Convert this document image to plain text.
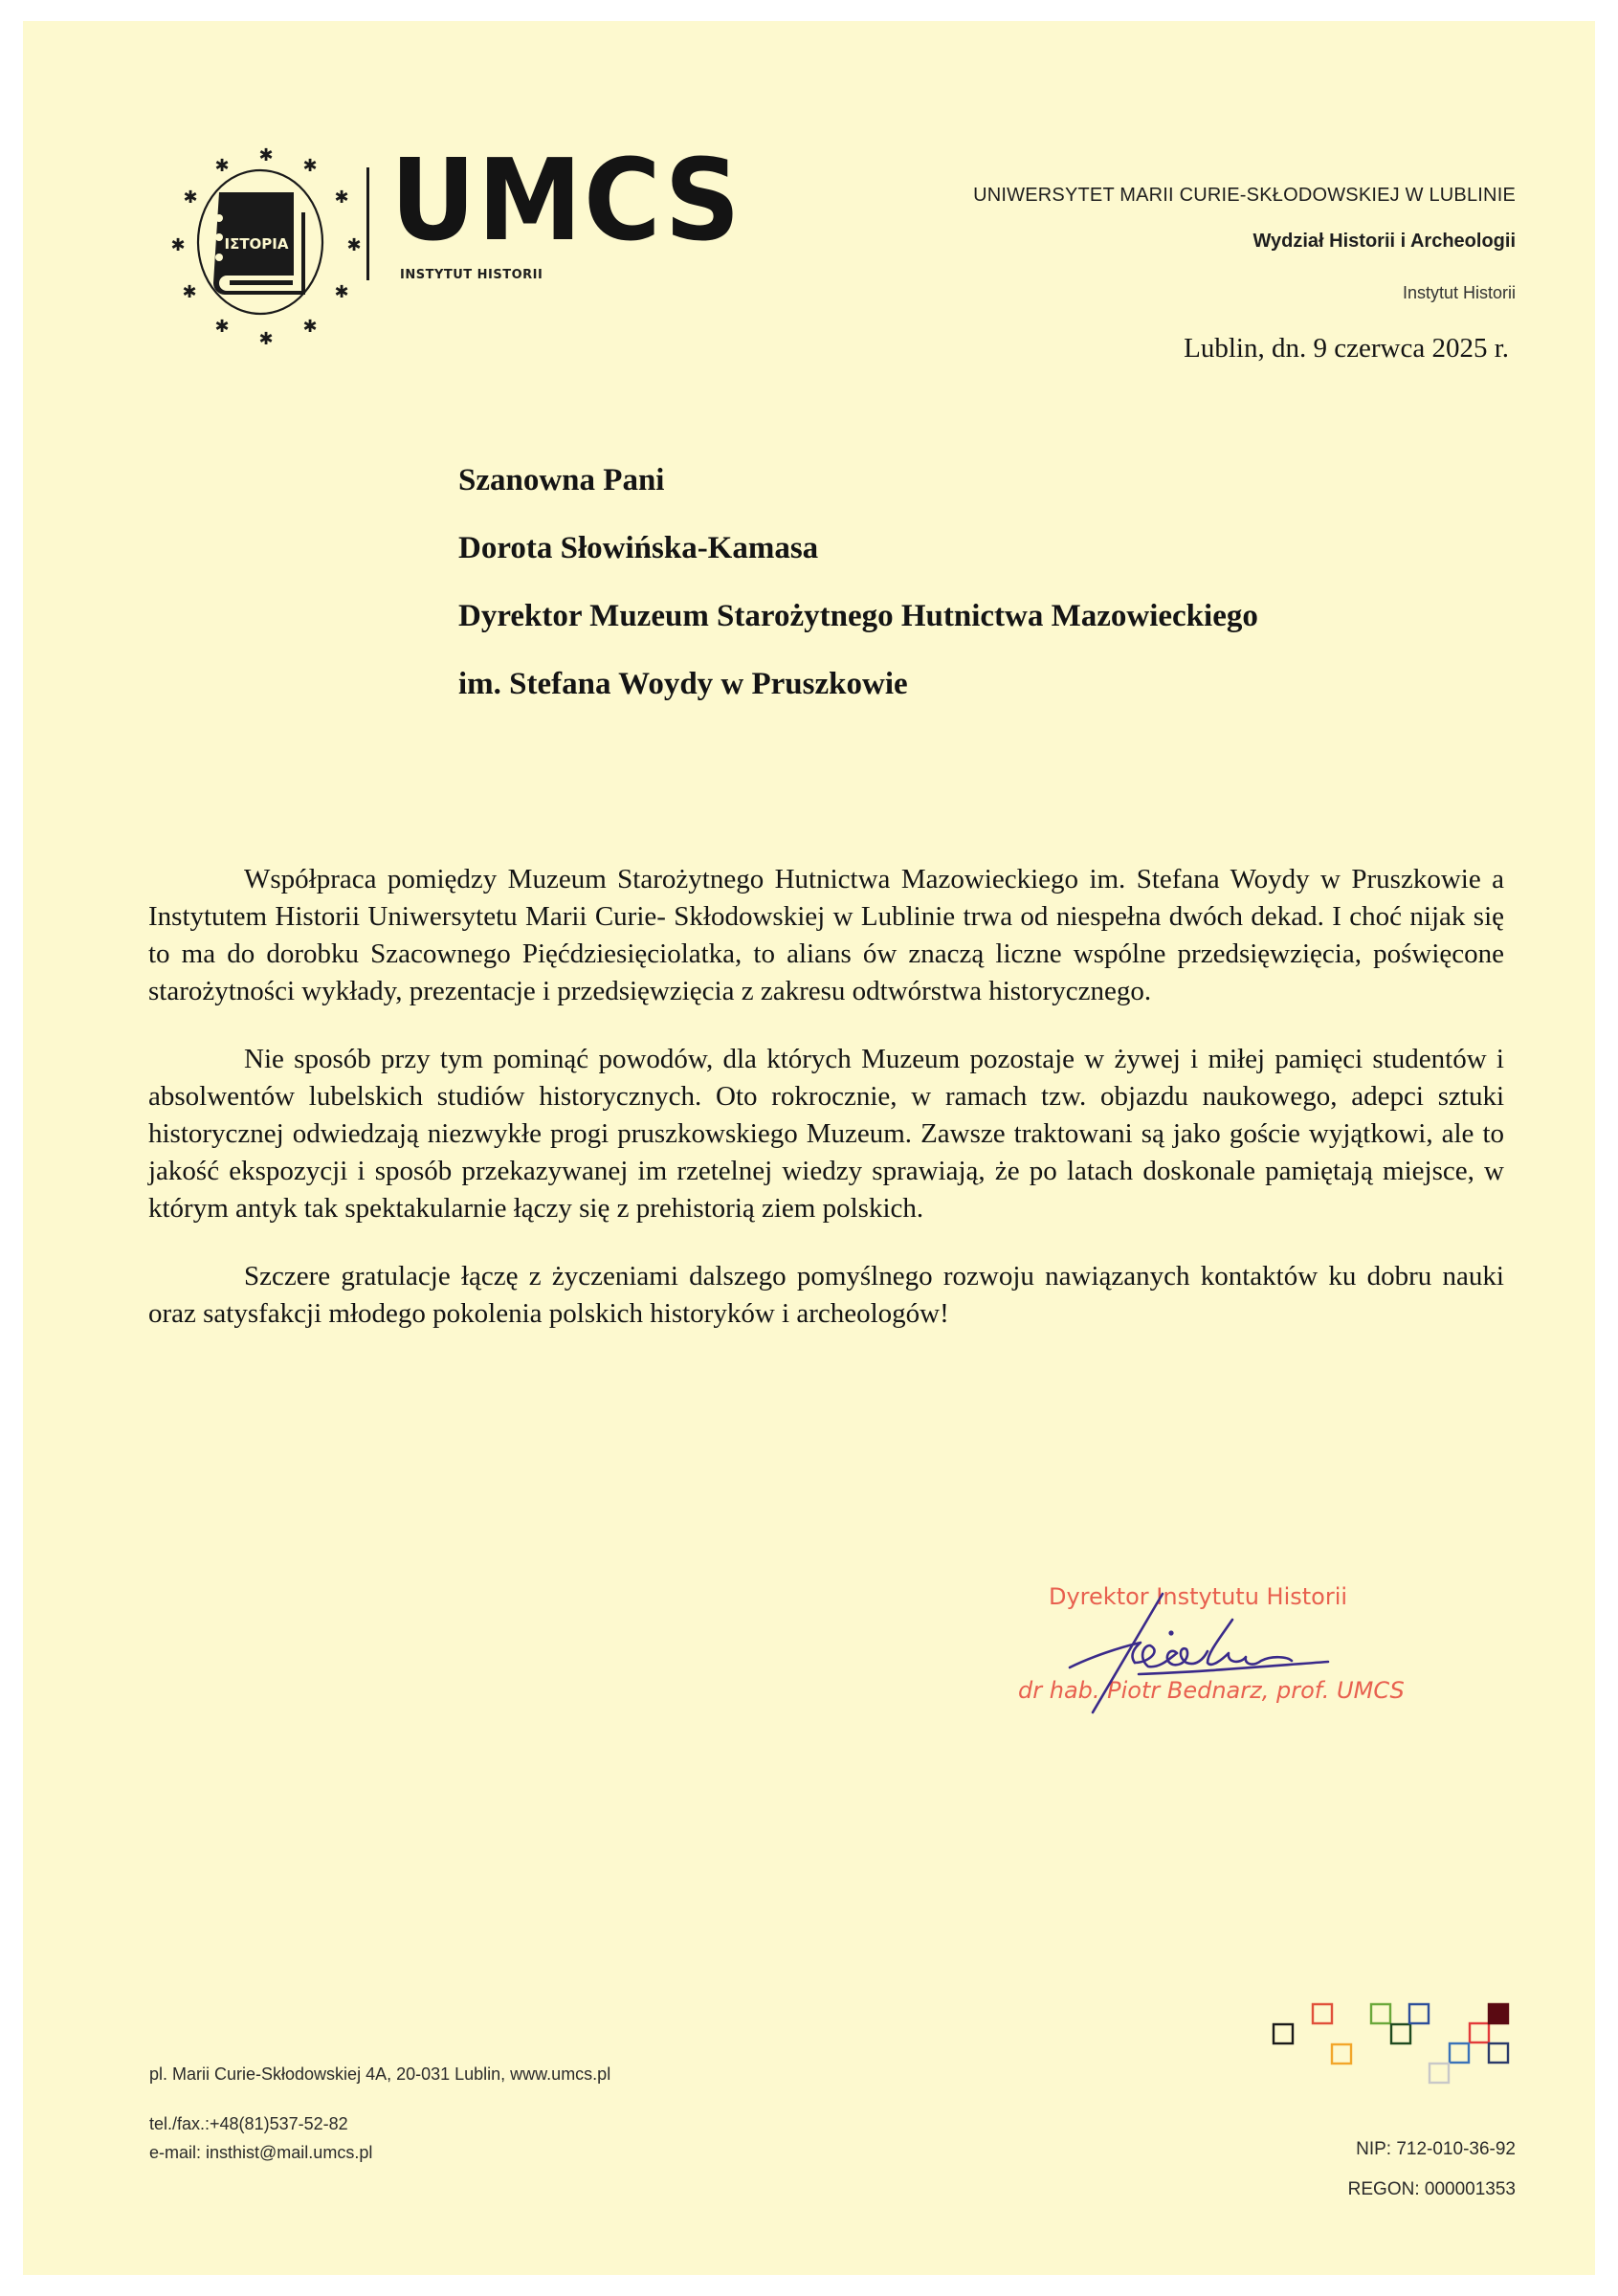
✱
✱	✱
✱	✱
✱	✱
✱	✱
✱	✱
✱
ΙΣΤΟΡΙΑ UMCS
INSTYTUT HISTORII
UNIWERSYTET MARII CURIE-SKŁODOWSKIEJ W LUBLINIE
Wydział Historii i Archeologii
Instytut Historii
Lublin, dn. 9 czerwca 2025 r.
Szanowna Pani
Dorota Słowińska-Kamasa
Dyrektor Muzeum Starożytnego Hutnictwa Mazowieckiego
im. Stefana Woydy w Pruszkowie

Współpraca pomiędzy Muzeum Starożytnego Hutnictwa Mazowieckiego im. Stefana Woydy w Pruszkowie a Instytutem Historii Uniwersytetu Marii Curie- Skłodowskiej w Lublinie trwa od niespełna dwóch dekad. I choć nijak się to ma do dorobku Szacownego Pięćdziesięciolatka, to alians ów znaczą liczne wspólne przedsięwzięcia, poświęcone starożytności wykłady, prezentacje i przedsięwzięcia z zakresu odtwórstwa historycznego.

Nie sposób przy tym pominąć powodów, dla których Muzeum pozostaje w żywej i miłej pamięci studentów i absolwentów lubelskich studiów historycznych. Oto rokrocznie, w ramach tzw. objazdu naukowego, adepci sztuki historycznej odwiedzają niezwykłe progi pruszkowskiego Muzeum. Zawsze traktowani są jako goście wyjątkowi, ale to jakość ekspozycji i sposób przekazywanej im rzetelnej wiedzy sprawiają, że po latach doskonale pamiętają miejsce, w którym antyk tak spektakularnie łączy się z prehistorią ziem polskich.

Szczere gratulacje łączę z życzeniami dalszego pomyślnego rozwoju nawiązanych kontaktów ku dobru nauki oraz satysfakcji młodego pokolenia polskich historyków i archeologów!

Dyrektor Instytutu Historii
dr hab. Piotr Bednarz, prof. UMCS
pl. Marii Curie-Skłodowskiej 4A, 20-031 Lublin, www.umcs.pl
tel./fax.:+48(81)537-52-82
e-mail: insthist@mail.umcs.pl	NIP: 712-010-36-92
REGON: 000001353
